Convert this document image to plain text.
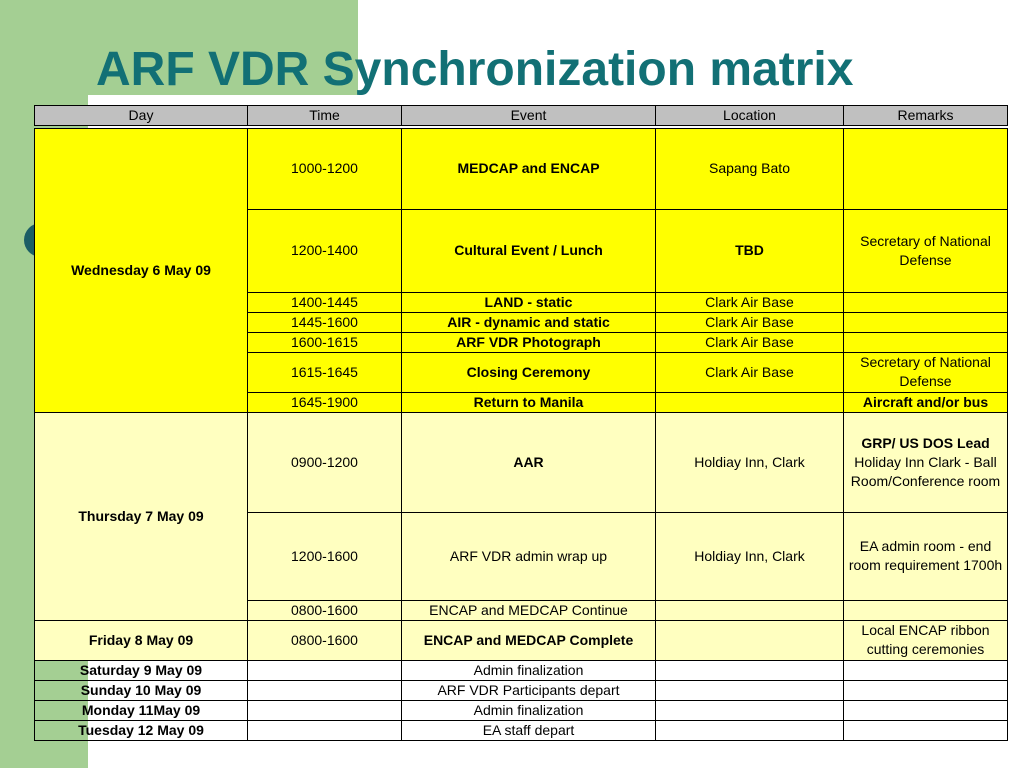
ARF VDR Synchronization matrix
Day	Time	Event	Location	Remarks
Wednesday 6 May 09	1000-1200	MEDCAP and ENCAP	Sapang Bato	
	1200-1400	Cultural Event / Lunch	TBD	Secretary of National Defense
	1400-1445	LAND - static	Clark Air Base	
	1445-1600	AIR - dynamic and static	Clark Air Base	
	1600-1615	ARF VDR Photograph	Clark Air Base	
	1615-1645	Closing Ceremony	Clark Air Base	Secretary of National Defense
	1645-1900	Return to Manila		Aircraft and/or bus
Thursday 7 May 09	0900-1200	AAR	Holdiay Inn, Clark	GRP/ US DOS Lead
Holiday Inn Clark - Ball Room/Conference room

	1200-1600	ARF VDR admin wrap up	Holdiay Inn, Clark	EA admin room - end room requirement 1700h
	0800-1600	ENCAP and MEDCAP Continue		
Friday 8 May 09	0800-1600	ENCAP and MEDCAP Complete		Local ENCAP ribbon cutting ceremonies
Saturday 9 May 09		Admin finalization		
Sunday 10 May 09		ARF VDR Participants depart		
Monday 11May 09		Admin finalization		
Tuesday 12 May 09		EA staff depart		
